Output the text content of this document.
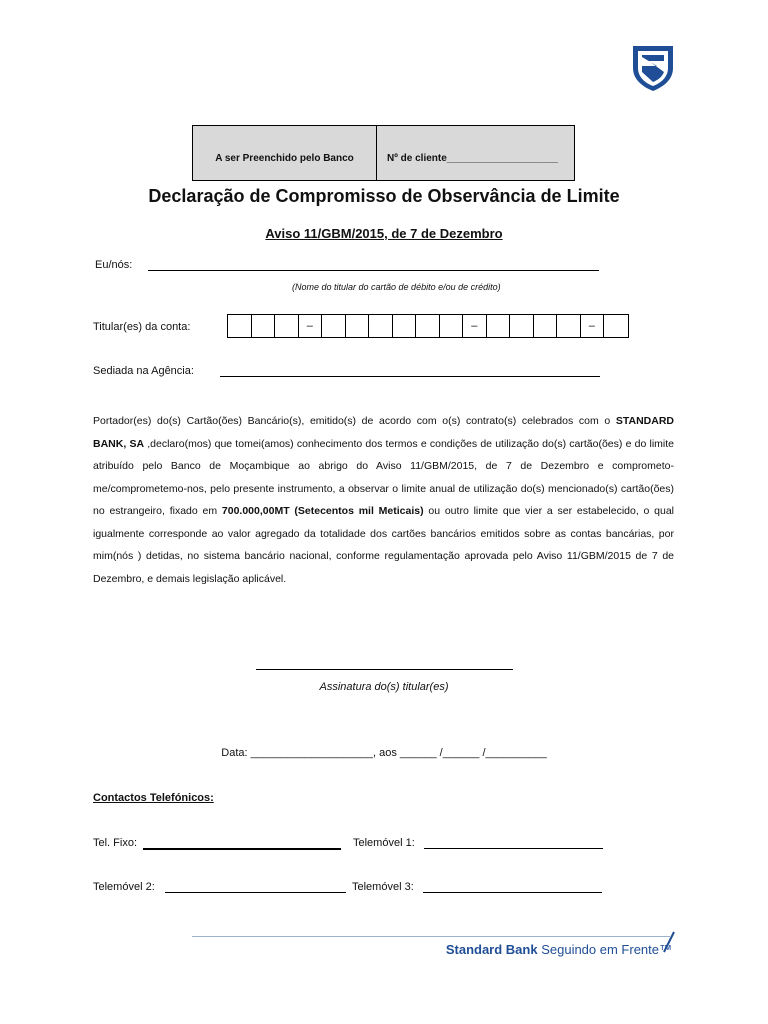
A ser Preenchido pelo Banco	Nº de cliente____________________
Declaração de Compromisso de Observância de Limite
Aviso 11/GBM/2015, de 7 de Dezembro
Eu/nós:
(Nome do titular do cartão de débito e/ou de crédito)
Titular(es) da conta:	–	–	–
Sediada na Agência:
Portador(es) do(s) Cartão(ões) Bancário(s), emitido(s) de acordo com o(s) contrato(s) celebrados com o STANDARD BANK, SA ,declaro(mos) que tomei(amos) conhecimento dos termos e condições de utilização do(s) cartão(ões) e do limite atribuído pelo Banco de Moçambique ao abrigo do Aviso 11/GBM/2015, de 7 de Dezembro e comprometo-me/comprometemo-nos, pelo presente instrumento, a observar o limite anual de utilização do(s) mencionado(s) cartão(ões) no estrangeiro, fixado em 700.000,00MT (Setecentos mil Meticais) ou outro limite que vier a ser estabelecido, o qual igualmente corresponde ao valor agregado da totalidade dos cartões bancários emitidos sobre as contas bancárias, por mim(nós ) detidas, no sistema bancário nacional, conforme regulamentação aprovada pelo Aviso 11/GBM/2015 de 7 de Dezembro, e demais legislação aplicável.
Assinatura do(s) titular(es)
Data: ____________________, aos ______ /______ /__________
Contactos Telefónicos:
Tel. Fixo:	Telemóvel 1:
Telemóvel 2:	Telemóvel 3:
Standard Bank Seguindo em Frente™
